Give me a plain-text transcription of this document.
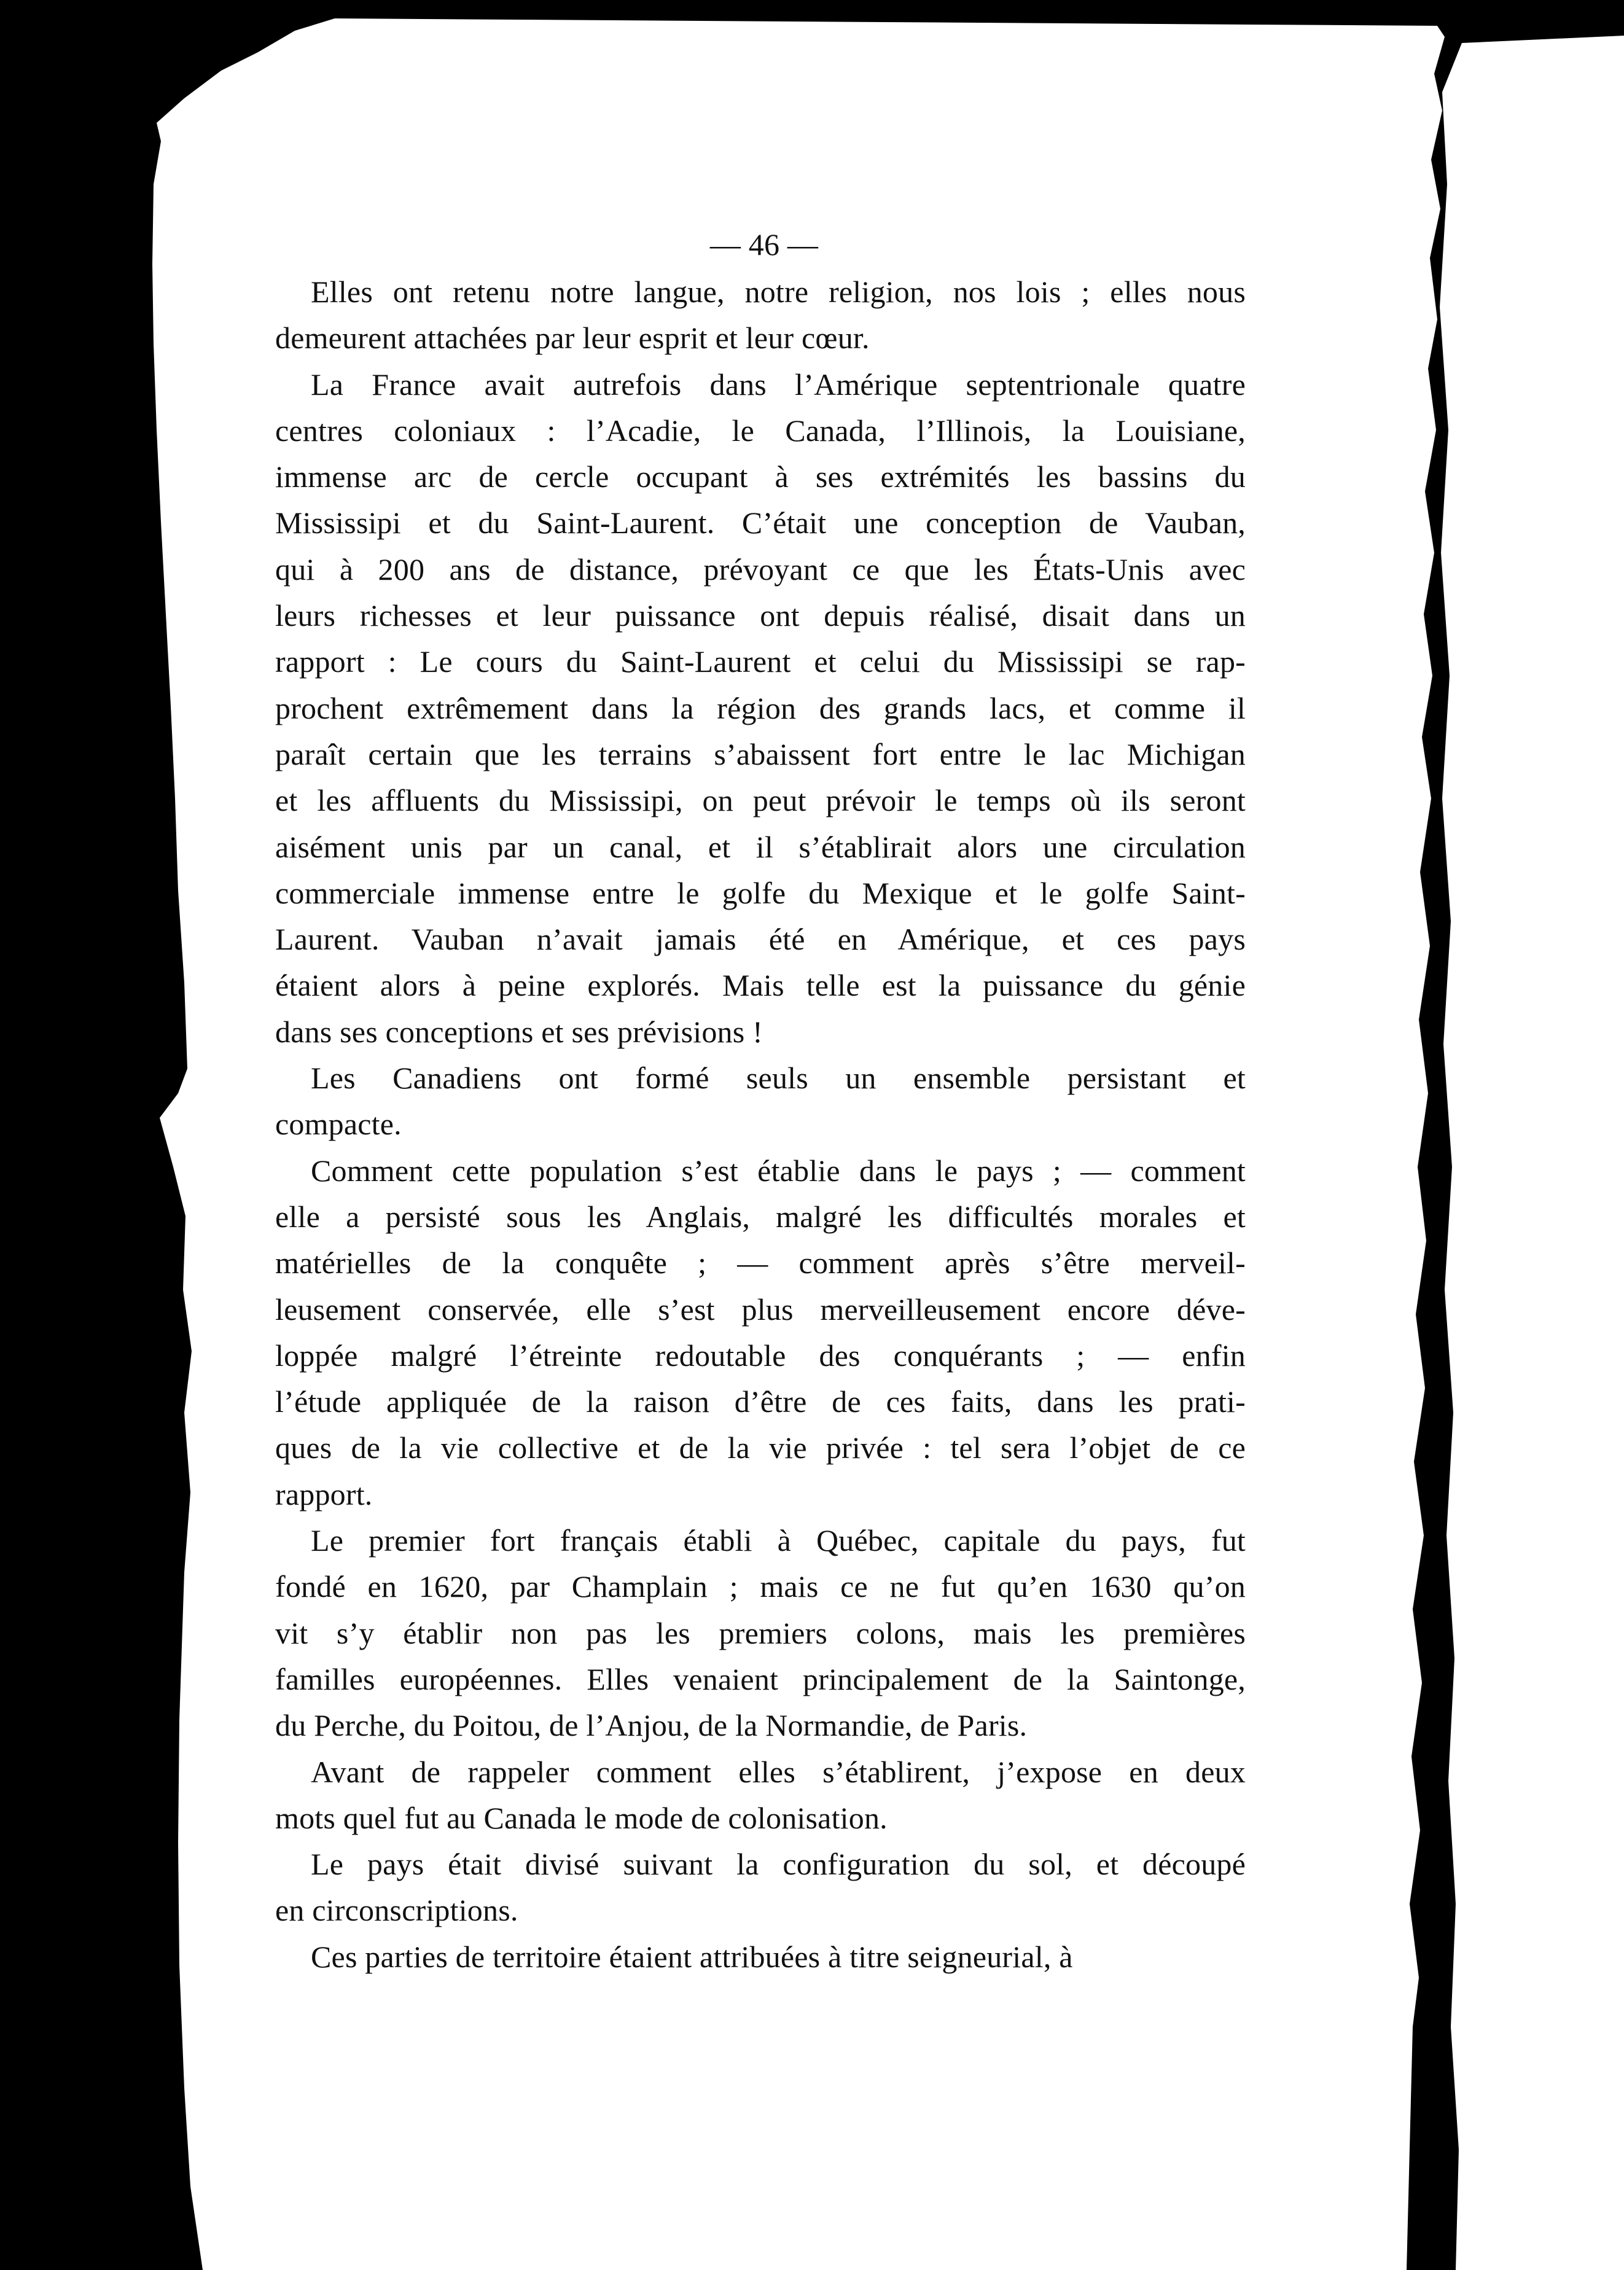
— 46 —
Elles ont retenu notre langue, notre religion, nos lois ; elles nous
demeurent attachées par leur esprit et leur cœur.
La France avait autrefois dans l’Amérique septentrionale quatre
centres coloniaux : l’Acadie, le Canada, l’Illinois, la Louisiane,
immense arc de cercle occupant à ses extrémités les bassins du
Mississipi et du Saint-Laurent. C’était une conception de Vauban,
qui à 200 ans de distance, prévoyant ce que les États-Unis avec
leurs richesses et leur puissance ont depuis réalisé, disait dans un
rapport : Le cours du Saint-Laurent et celui du Mississipi se rap-
prochent extrêmement dans la région des grands lacs, et comme il
paraît certain que les terrains s’abaissent fort entre le lac Michigan
et les affluents du Mississipi, on peut prévoir le temps où ils seront
aisément unis par un canal, et il s’établirait alors une circulation
commerciale immense entre le golfe du Mexique et le golfe Saint-
Laurent. Vauban n’avait jamais été en Amérique, et ces pays
étaient alors à peine explorés. Mais telle est la puissance du génie
dans ses conceptions et ses prévisions !
Les Canadiens ont formé seuls un ensemble persistant et
compacte.
Comment cette population s’est établie dans le pays ; — comment
elle a persisté sous les Anglais, malgré les difficultés morales et
matérielles de la conquête ; — comment après s’être merveil-
leusement conservée, elle s’est plus merveilleusement encore déve-
loppée malgré l’étreinte redoutable des conquérants ; — enfin
l’étude appliquée de la raison d’être de ces faits, dans les prati-
ques de la vie collective et de la vie privée : tel sera l’objet de ce
rapport.
Le premier fort français établi à Québec, capitale du pays, fut
fondé en 1620, par Champlain ; mais ce ne fut qu’en 1630 qu’on
vit s’y établir non pas les premiers colons, mais les premières
familles européennes. Elles venaient principalement de la Saintonge,
du Perche, du Poitou, de l’Anjou, de la Normandie, de Paris.
Avant de rappeler comment elles s’établirent, j’expose en deux
mots quel fut au Canada le mode de colonisation.
Le pays était divisé suivant la configuration du sol, et découpé
en circonscriptions.
Ces parties de territoire étaient attribuées à titre seigneurial, à
